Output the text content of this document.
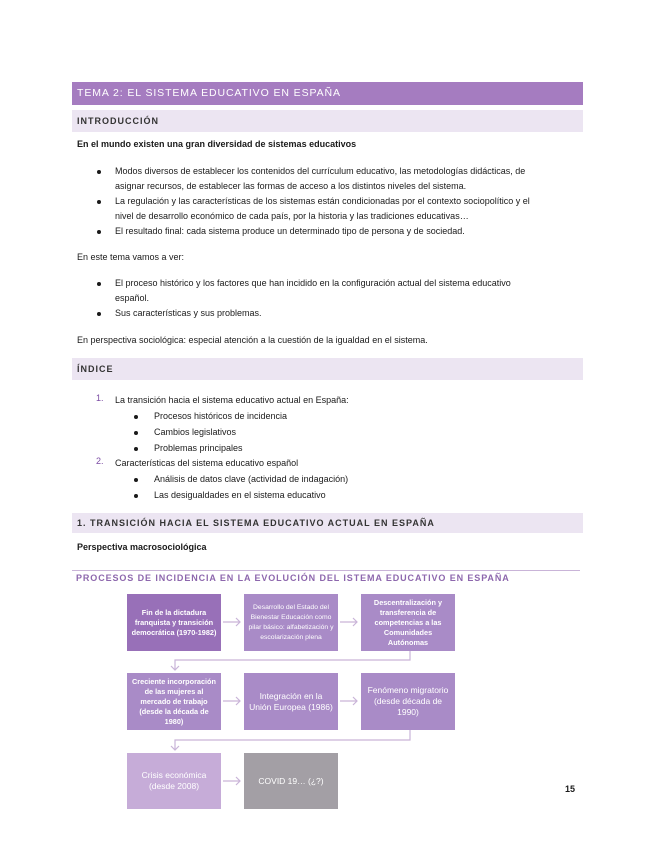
TEMA 2: EL SISTEMA EDUCATIVO EN ESPAÑA
INTRODUCCIÓN
En el mundo existen una gran diversidad de sistemas educativos
Modos diversos de establecer los contenidos del currículum educativo, las metodologías didácticas, de
asignar recursos, de establecer las formas de acceso a los distintos niveles del sistema.
La regulación y las características de los sistemas están condicionadas por el contexto sociopolítico y el
nivel de desarrollo económico de cada país, por la historia y las tradiciones educativas…
El resultado final: cada sistema produce un determinado tipo de persona y de sociedad.
En este tema vamos a ver:
El proceso histórico y los factores que han incidido en la configuración actual del sistema educativo
español.
Sus características y sus problemas.
En perspectiva sociológica: especial atención a la cuestión de la igualdad en el sistema.
ÍNDICE
1. La transición hacia el sistema educativo actual en España:
Procesos históricos de incidencia
Cambios legislativos
Problemas principales
2. Características del sistema educativo español
Análisis de datos clave (actividad de indagación)
Las desigualdades en el sistema educativo
1. TRANSICIÓN HACIA EL SISTEMA EDUCATIVO ACTUAL EN ESPAÑA
Perspectiva macrosociológica
PROCESOS DE INCIDENCIA EN LA EVOLUCIÓN DEL ISTEMA EDUCATIVO EN ESPAÑA
Fin de la dictadura franquista y transición democrática (1970-1982)
Desarrollo del Estado del Bienestar Educación como pilar básico: alfabetización y escolarización plena
Descentralización y transferencia de competencias a las Comunidades Autónomas
Creciente incorporación de las mujeres al mercado de trabajo (desde la década de 1980)
Integración en la Unión Europea (1986)
Fenómeno migratorio (desde década de 1990)
Crisis económica (desde 2008)	COVID 19… (¿?)
15
